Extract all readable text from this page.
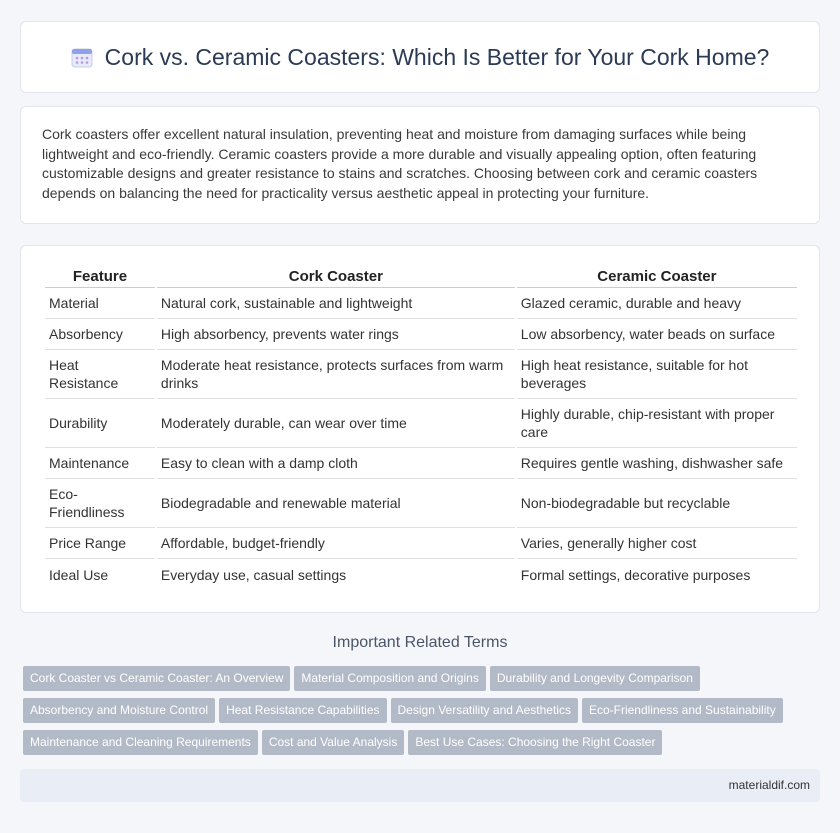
Cork vs. Ceramic Coasters: Which Is Better for Your Cork Home?

Cork coasters offer excellent natural insulation, preventing heat and moisture from damaging surfaces while being lightweight and eco-friendly. Ceramic coasters provide a more durable and visually appealing option, often featuring customizable designs and greater resistance to stains and scratches. Choosing between cork and ceramic coasters depends on balancing the need for practicality versus aesthetic appeal in protecting your furniture.

Feature	Cork Coaster	Ceramic Coaster
Material	Natural cork, sustainable and lightweight	Glazed ceramic, durable and heavy
Absorbency	High absorbency, prevents water rings	Low absorbency, water beads on surface
Heat Resistance	Moderate heat resistance, protects surfaces from warm drinks	High heat resistance, suitable for hot beverages
Durability	Moderately durable, can wear over time	Highly durable, chip-resistant with proper care
Maintenance	Easy to clean with a damp cloth	Requires gentle washing, dishwasher safe
Eco-Friendliness	Biodegradable and renewable material	Non-biodegradable but recyclable
Price Range	Affordable, budget-friendly	Varies, generally higher cost
Ideal Use	Everyday use, casual settings	Formal settings, decorative purposes
Important Related Terms
Cork Coaster vs Ceramic Coaster: An Overview Material Composition and Origins Durability and Longevity Comparison
Absorbency and Moisture Control Heat Resistance Capabilities Design Versatility and Aesthetics Eco-Friendliness and Sustainability
Maintenance and Cleaning Requirements Cost and Value Analysis Best Use Cases: Choosing the Right Coaster
materialdif.com
